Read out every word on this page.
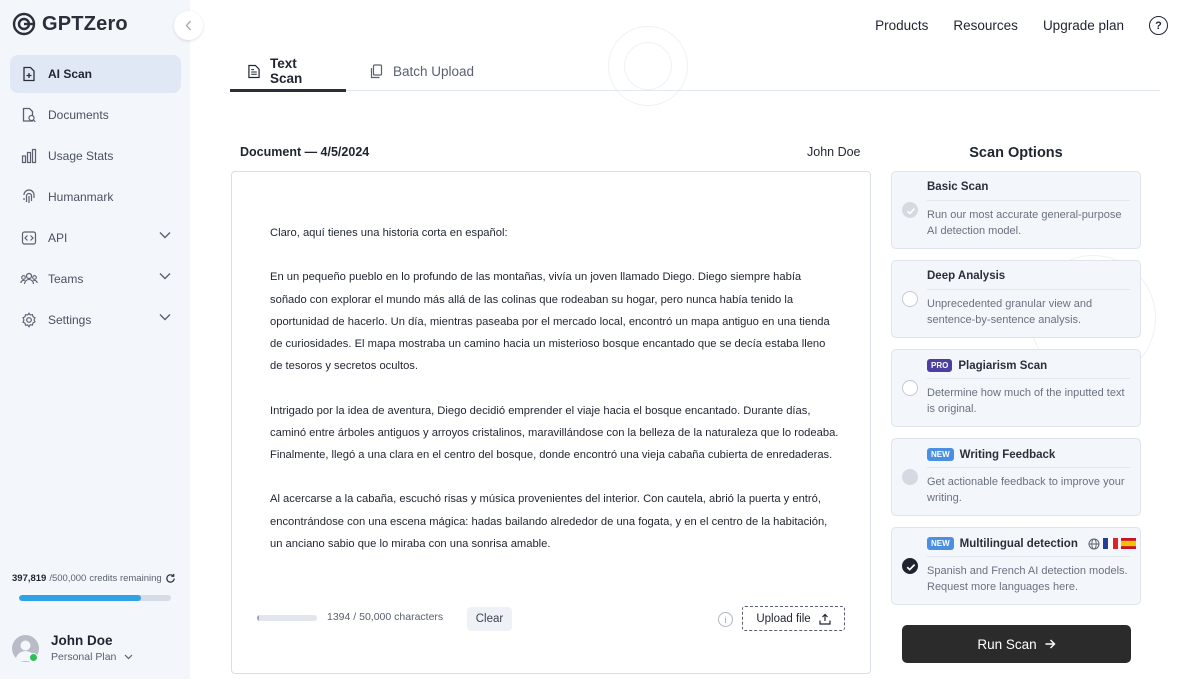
GPTZero
AI Scan
Documents
Usage Stats
Humanmark
API
Teams
Settings
397,819 /500,000 credits remaining
John Doe
Personal Plan
Products Resources Upgrade plan	?
Text Scan	Batch Upload
Document — 4/5/2024	John Doe

Claro, aquí tienes una historia corta en español:

En un pequeño pueblo en lo profundo de las montañas, vivía un joven llamado Diego. Diego siempre había soñado con explorar el mundo más allá de las colinas que rodeaban su hogar, pero nunca había tenido la oportunidad de hacerlo. Un día, mientras paseaba por el mercado local, encontró un mapa antiguo en una tienda de curiosidades. El mapa mostraba un camino hacia un misterioso bosque encantado que se decía estaba lleno de tesoros y secretos ocultos.

Intrigado por la idea de aventura, Diego decidió emprender el viaje hacia el bosque encantado. Durante días, caminó entre árboles antiguos y arroyos cristalinos, maravillándose con la belleza de la naturaleza que lo rodeaba. Finalmente, llegó a una clara en el centro del bosque, donde encontró una vieja cabaña cubierta de enredaderas.

Al acercarse a la cabaña, escuchó risas y música provenientes del interior. Con cautela, abrió la puerta y entró, encontrándose con una escena mágica: hadas bailando alrededor de una fogata, y en el centro de la habitación, un anciano sabio que lo miraba con una sonrisa amable.

1394 / 50,000 characters	Clear	i	Upload file
Scan Options
Basic Scan
Run our most accurate general-purpose AI detection model.
Deep Analysis
Unprecedented granular view and sentence-by-sentence analysis.
PRO Plagiarism Scan
Determine how much of the inputted text is original.
NEW Writing Feedback
Get actionable feedback to improve your writing.
NEW Multilingual detection
Spanish and French AI detection models.
Request more languages here.
Run Scan
